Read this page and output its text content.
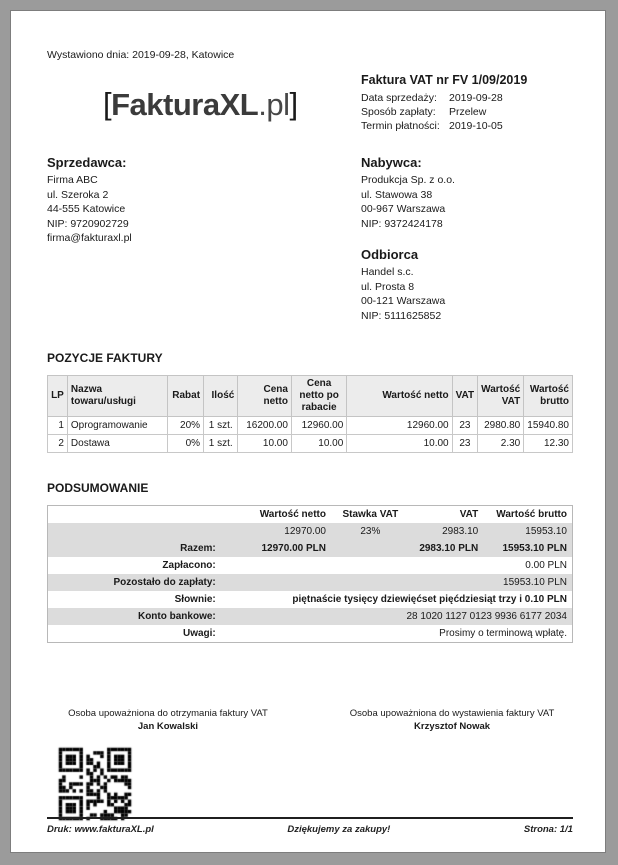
Wystawiono dnia: 2019-09-28, Katowice
[FakturaXL.pl]
Faktura VAT nr FV 1/09/2019
Data sprzedaży:	2019-09-28
Sposób zapłaty:	Przelew
Termin płatności: 2019-10-05
Sprzedawca:
Firma ABC
ul. Szeroka 2
44-555 Katowice
NIP: 9720902729
firma@fakturaxl.pl
Nabywca:
Produkcja Sp. z o.o.
ul. Stawowa 38
00-967 Warszawa
NIP: 9372424178
Odbiorca
Handel s.c.
ul. Prosta 8
00-121 Warszawa
NIP: 5111625852
POZYCJE FAKTURY
LP	Nazwa towaru/usługi	Rabat	Ilość	Cena netto	Cena netto po rabacie	Wartość netto	VAT	Wartość VAT	Wartość brutto
1	Oprogramowanie	20%	1 szt.	16200.00	12960.00	12960.00	23	2980.80	15940.80
2	Dostawa	0%	1 szt.	10.00	10.00	10.00	23	2.30	12.30
PODSUMOWANIE
	Wartość netto	Stawka VAT	VAT	Wartość brutto
	12970.00	23%	2983.10	15953.10
Razem:	12970.00 PLN		2983.10 PLN	15953.10 PLN
Zapłacono:	0.00 PLN			
Pozostało do zapłaty:	15953.10 PLN			
Słownie:	piętnaście tysięcy dziewięćset pięćdziesiąt trzy i 0.10 PLN			
Konto bankowe:	28 1020 1127 0123 9936 6177 2034			
Uwagi:	Prosimy o terminową wpłatę.			
Osoba upoważniona do otrzymania faktury VAT
Jan Kowalski
Osoba upoważniona do wystawienia faktury VAT
Krzysztof Nowak
Druk: www.fakturaXL.pl	Dziękujemy za zakupy!	Strona: 1/1
